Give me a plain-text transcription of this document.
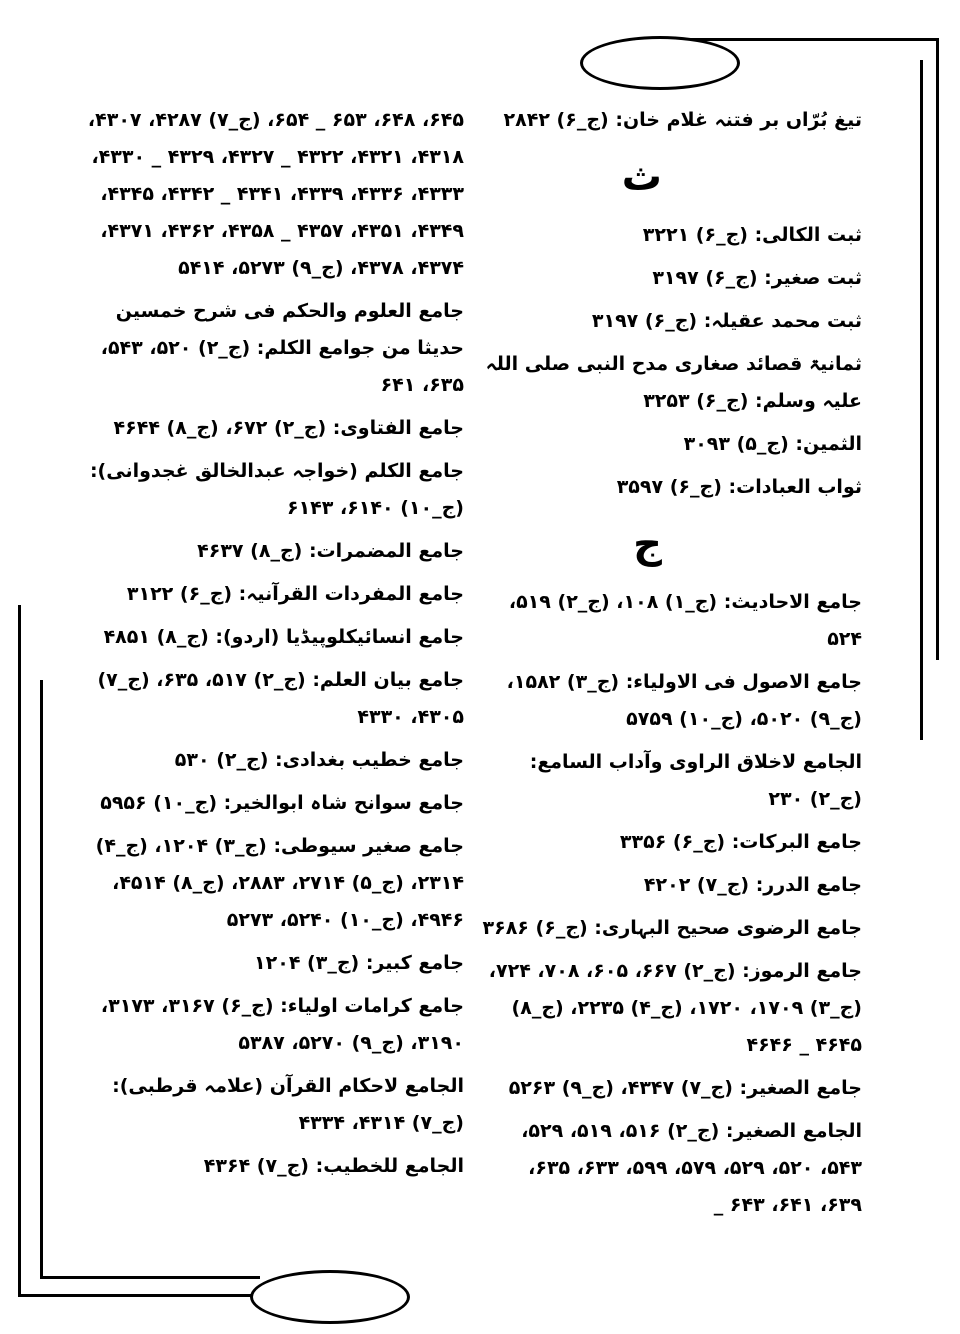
تیغ بُرّاں بر فتنہ غلام خان: (ج_۶) ۲۸۴۲
ث
ثبت الکالی: (ج_۶) ۳۲۲۱
ثبت صغیر: (ج_۶) ۳۱۹۷
ثبت محمد عقیلہ: (ج_۶) ۳۱۹۷
ثمانیۃ قصائد صغاری مدح النبی صلی اللہ علیہ وسلم: (ج_۶) ۳۲۵۳
الثمین: (ج_۵) ۳۰۹۳
ثواب العبادات: (ج_۶) ۳۵۹۷
ج
جامع الاحادیث: (ج_۱) ۱۰۸، (ج_۲) ۵۱۹، ۵۲۴
جامع الاصول فی الاولیاء: (ج_۳) ۱۵۸۲، (ج_۹) ۵۰۲۰، (ج_۱۰) ۵۷۵۹
الجامع لاخلاق الراوی وآداب السامع: (ج_۲) ۲۳۰
جامع البرکات: (ج_۶) ۳۳۵۶
جامع الدرر: (ج_۷) ۴۲۰۲
جامع الرضوی صحیح البہاری: (ج_۶) ۳۶۸۶
جامع الرموز: (ج_۲) ۶۶۷، ۶۰۵، ۷۰۸، ۷۲۴، (ج_۳) ۱۷۰۹، ۱۷۲۰، (ج_۴) ۲۲۳۵، (ج_۸) ۴۶۴۵ _ ۴۶۴۶
جامع الصغیر: (ج_۷) ۴۳۴۷، (ج_۹) ۵۲۶۳
الجامع الصغیر: (ج_۲) ۵۱۶، ۵۱۹، ۵۲۹، ۵۴۳، ۵۲۰، ۵۲۹، ۵۷۹، ۵۹۹، ۶۳۳، ۶۳۵، ۶۳۹، ۶۴۱، ۶۴۳ _
۶۴۵، ۶۴۸، ۶۵۳ _ ۶۵۴، (ج_۷) ۴۲۸۷، ۴۳۰۷، ۴۳۱۸، ۴۳۲۱، ۴۳۲۲ _ ۴۳۲۷، ۴۳۲۹ _ ۴۳۳۰، ۴۳۳۳، ۴۳۳۶، ۴۳۳۹، ۴۳۴۱ _ ۴۳۴۲، ۴۳۴۵، ۴۳۴۹، ۴۳۵۱، ۴۳۵۷ _ ۴۳۵۸، ۴۳۶۲، ۴۳۷۱، ۴۳۷۴، ۴۳۷۸، (ج_۹) ۵۲۷۳، ۵۴۱۴
جامع العلوم والحکم فی شرح خمسین حدیثا من جوامع الکلم: (ج_۲) ۵۲۰، ۵۴۳، ۶۳۵، ۶۴۱
جامع الفتاوی: (ج_۲) ۶۷۲، (ج_۸) ۴۶۴۴
جامع الکلم (خواجہ عبدالخالق غجدوانی): (ج_۱۰) ۶۱۴۰، ۶۱۴۳
جامع المضمرات: (ج_۸) ۴۶۳۷
جامع المفردات القرآنیہ: (ج_۶) ۳۱۲۲
جامع انسائیکلوپیڈیا (اردو): (ج_۸) ۴۸۵۱
جامع بیان العلم: (ج_۲) ۵۱۷، ۶۳۵، (ج_۷) ۴۳۰۵، ۴۳۳۰
جامع خطیب بغدادی: (ج_۲) ۵۳۰
جامع سوانح شاہ ابوالخیر: (ج_۱۰) ۵۹۵۶
جامع صغیر سیوطی: (ج_۳) ۱۲۰۴، (ج_۴) ۲۳۱۴، (ج_۵) ۲۷۱۴، ۲۸۸۳، (ج_۸) ۴۵۱۴، ۴۹۴۶، (ج_۱۰) ۵۲۴۰، ۵۲۷۳
جامع کبیر: (ج_۳) ۱۲۰۴
جامع کرامات اولیاء: (ج_۶) ۳۱۶۷، ۳۱۷۳، ۳۱۹۰، (ج_۹) ۵۲۷۰، ۵۳۸۷
الجامع لاحکام القرآن (علامہ قرطبی): (ج_۷) ۴۳۱۴، ۴۳۳۴
الجامع للخطیب: (ج_۷) ۴۳۶۴
